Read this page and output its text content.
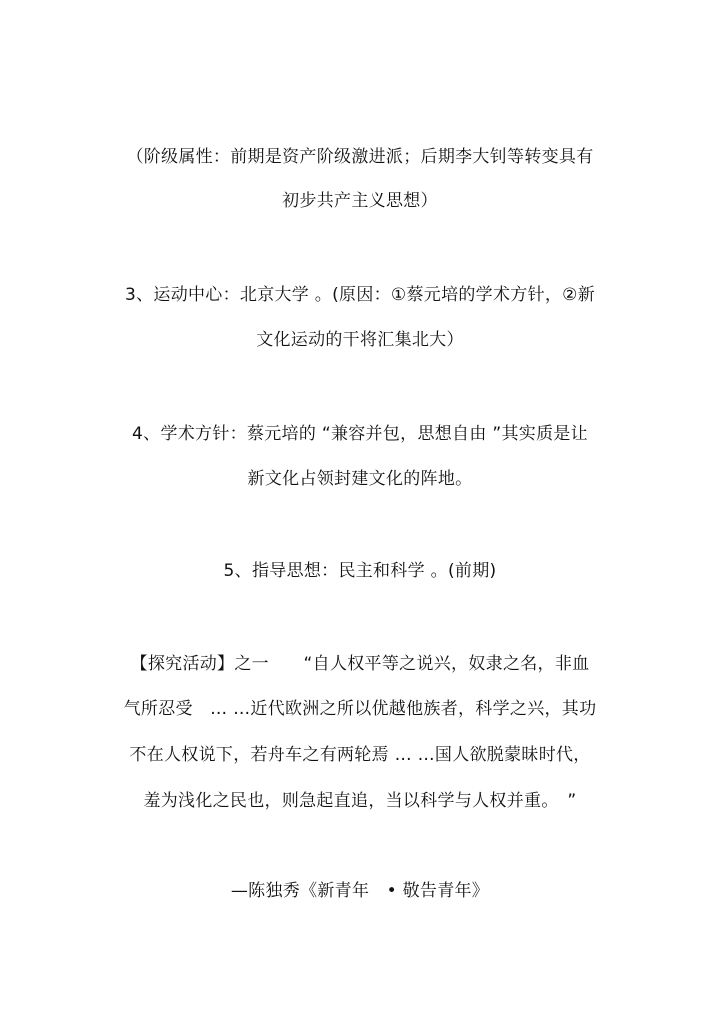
（阶级属性：前期是资产阶级激进派；后期李大钊等转变具有
初步共产主义思想）
3、运动中心：北京大学 。(原因：①蔡元培的学术方针，②新
文化运动的干将汇集北大）
4、学术方针：蔡元培的 “兼容并包，思想自由 ”其实质是让
新文化占领封建文化的阵地。
5、指导思想：民主和科学 。(前期)
【探究活动】之一　　“自人权平等之说兴，奴隶之名，非血
气所忍受　… …近代欧洲之所以优越他族者，科学之兴，其功
不在人权说下，若舟车之有两轮焉 … …国人欲脱蒙昧时代，
羞为浅化之民也，则急起直追，当以科学与人权并重。　”
—陈独秀《新青年　• 敬告青年》
